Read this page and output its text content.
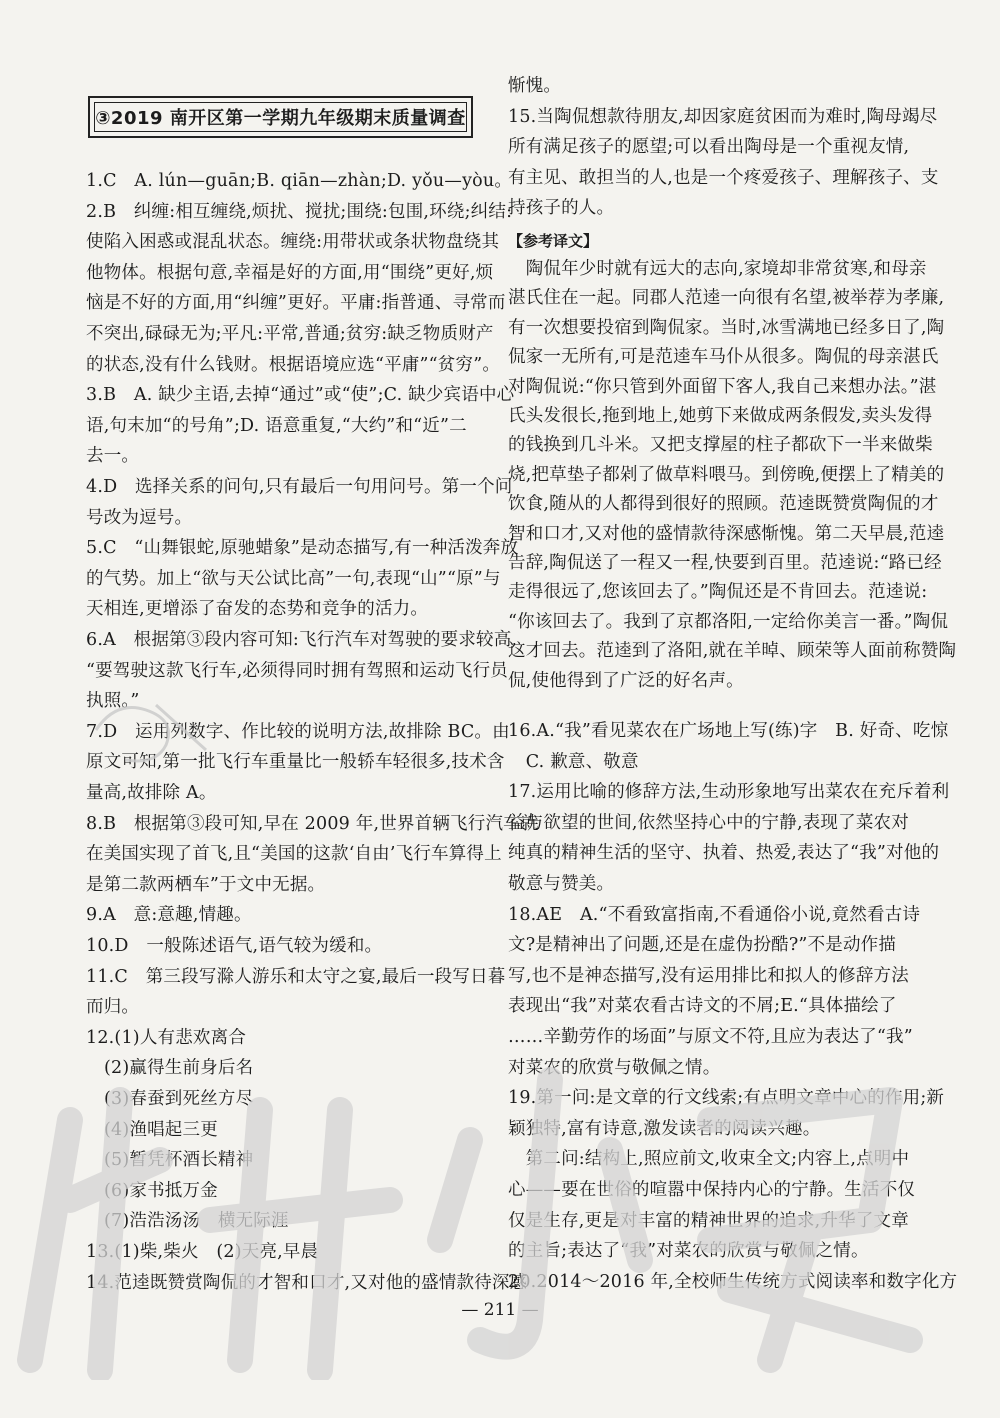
③2019 南开区第一学期九年级期末质量调查
1.C　A. lún—guān;B. qiān—zhàn;D. yǒu—yòu。
2.B　纠缠:相互缠绕,烦扰、搅扰;围绕:包围,环绕;纠结:
使陷入困惑或混乱状态。缠绕:用带状或条状物盘绕其
他物体。根据句意,幸福是好的方面,用“围绕”更好,烦
恼是不好的方面,用“纠缠”更好。平庸:指普通、寻常而
不突出,碌碌无为;平凡:平常,普通;贫穷:缺乏物质财产
的状态,没有什么钱财。根据语境应选“平庸”“贫穷”。
3.B　A. 缺少主语,去掉“通过”或“使”;C. 缺少宾语中心
语,句末加“的号角”;D. 语意重复,“大约”和“近”二
去一。
4.D　选择关系的问句,只有最后一句用问号。第一个问
号改为逗号。
5.C　“山舞银蛇,原驰蜡象”是动态描写,有一种活泼奔放
的气势。加上“欲与天公试比高”一句,表现“山”“原”与
天相连,更增添了奋发的态势和竞争的活力。
6.A　根据第③段内容可知:飞行汽车对驾驶的要求较高,
“要驾驶这款飞行车,必须得同时拥有驾照和运动飞行员
执照。”
7.D　运用列数字、作比较的说明方法,故排除 BC。由
原文可知,第一批飞行车重量比一般轿车轻很多,技术含
量高,故排除 A。
8.B　根据第③段可知,早在 2009 年,世界首辆飞行汽车就
在美国实现了首飞,且“美国的这款‘自由’飞行车算得上
是第二款两栖车”于文中无据。
9.A　意:意趣,情趣。
10.D　一般陈述语气,语气较为缓和。
11.C　第三段写滁人游乐和太守之宴,最后一段写日暮
而归。
12.(1)人有悲欢离合
(2)赢得生前身后名
(3)春蚕到死丝方尽
(4)渔唱起三更
(5)暂凭杯酒长精神
(6)家书抵万金
(7)浩浩汤汤　横无际涯
13.(1)柴,柴火　(2)天亮,早晨
14.范逵既赞赏陶侃的才智和口才,又对他的盛情款待深感
惭愧。
15.当陶侃想款待朋友,却因家庭贫困而为难时,陶母竭尽
所有满足孩子的愿望;可以看出陶母是一个重视友情,
有主见、敢担当的人,也是一个疼爱孩子、理解孩子、支
持孩子的人。
【参考译文】
　陶侃年少时就有远大的志向,家境却非常贫寒,和母亲
湛氏住在一起。同郡人范逵一向很有名望,被举荐为孝廉,
有一次想要投宿到陶侃家。当时,冰雪满地已经多日了,陶
侃家一无所有,可是范逵车马仆从很多。陶侃的母亲湛氏
对陶侃说:“你只管到外面留下客人,我自己来想办法。”湛
氏头发很长,拖到地上,她剪下来做成两条假发,卖头发得
的钱换到几斗米。又把支撑屋的柱子都砍下一半来做柴
烧,把草垫子都剁了做草料喂马。到傍晚,便摆上了精美的
饮食,随从的人都得到很好的照顾。范逵既赞赏陶侃的才
智和口才,又对他的盛情款待深感惭愧。第二天早晨,范逵
告辞,陶侃送了一程又一程,快要到百里。范逵说:“路已经
走得很远了,您该回去了。”陶侃还是不肯回去。范逵说:
“你该回去了。我到了京都洛阳,一定给你美言一番。”陶侃
这才回去。范逵到了洛阳,就在羊晫、顾荣等人面前称赞陶
侃,使他得到了广泛的好名声。
16.A.“我”看见菜农在广场地上写(练)字　B. 好奇、吃惊
　C. 歉意、敬意
17.运用比喻的修辞方法,生动形象地写出菜农在充斥着利
益与欲望的世间,依然坚持心中的宁静,表现了菜农对
纯真的精神生活的坚守、执着、热爱,表达了“我”对他的
敬意与赞美。
18.AE　A.“不看致富指南,不看通俗小说,竟然看古诗
文?是精神出了问题,还是在虚伪扮酷?”不是动作描
写,也不是神态描写,没有运用排比和拟人的修辞方法
表现出“我”对菜农看古诗文的不屑;E.“具体描绘了
……辛勤劳作的场面”与原文不符,且应为表达了“我”
对菜农的欣赏与敬佩之情。
19.第一问:是文章的行文线索;有点明文章中心的作用;新
颖独特,富有诗意,激发读者的阅读兴趣。
　第二问:结构上,照应前文,收束全文;内容上,点明中
心——要在世俗的喧嚣中保持内心的宁静。生活不仅
仅是生存,更是对丰富的精神世界的追求,升华了文章
的主旨;表达了“我”对菜农的欣赏与敬佩之情。
20.2014～2016 年,全校师生传统方式阅读率和数字化方
— 211 —
